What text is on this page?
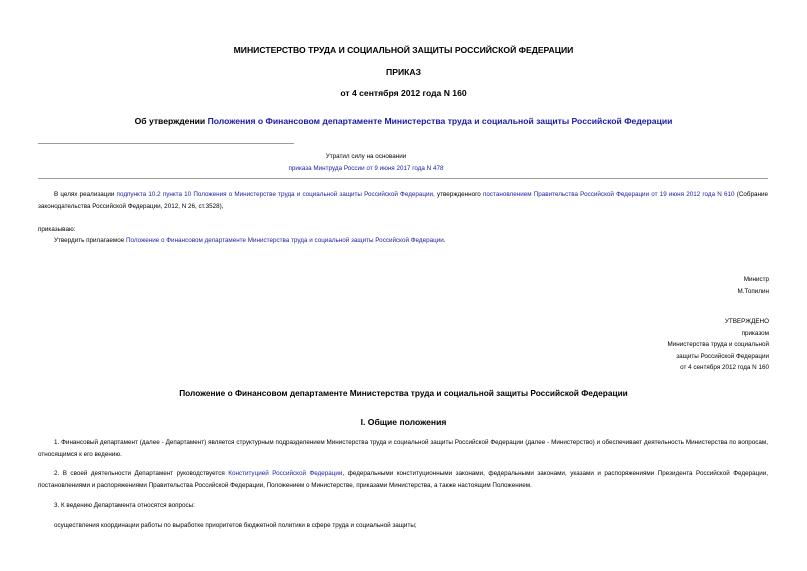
МИНИСТЕРСТВО ТРУДА И СОЦИАЛЬНОЙ ЗАЩИТЫ РОССИЙСКОЙ ФЕДЕРАЦИИ
ПРИКАЗ
от 4 сентября 2012 года N 160
Об утверждении Положения о Финансовом департаменте Министерства труда и социальной защиты Российской Федерации
Утратил силу на основании
приказа Минтруда России от 9 июня 2017 года N 478
В целях реализации подпункта 10.2 пункта 10 Положения о Министерстве труда и социальной защиты Российской Федерации, утвержденного постановлением Правительства Российской Федерации от 19 июня 2012 года N 610 (Собрание законодательства Российской Федерации, 2012, N 26, ст.3528),
приказываю:
Утвердить прилагаемое Положение о Финансовом департаменте Министерства труда и социальной защиты Российской Федерации.
Министр
М.Топилин
УТВЕРЖДЕНО
приказом
Министерства труда и социальной
защиты Российской Федерации
от 4 сентября 2012 года N 160
Положение о Финансовом департаменте Министерства труда и социальной защиты Российской Федерации
I. Общие положения
1. Финансовый департамент (далее - Департамент) является структурным подразделением Министерства труда и социальной защиты Российской Федерации (далее - Министерство) и обеспечивает деятельность Министерства по вопросам, относящимся к его ведению.
2. В своей деятельности Департамент руководствуется Конституцией Российской Федерации, федеральными конституционными законами, федеральными законами, указами и распоряжениями Президента Российской Федерации, постановлениями и распоряжениями Правительства Российской Федерации, Положением о Министерстве, приказами Министерства, а также настоящим Положением.
3. К ведению Департамента относятся вопросы:
осуществления координации работы по выработке приоритетов бюджетной политики в сфере труда и социальной защиты;
